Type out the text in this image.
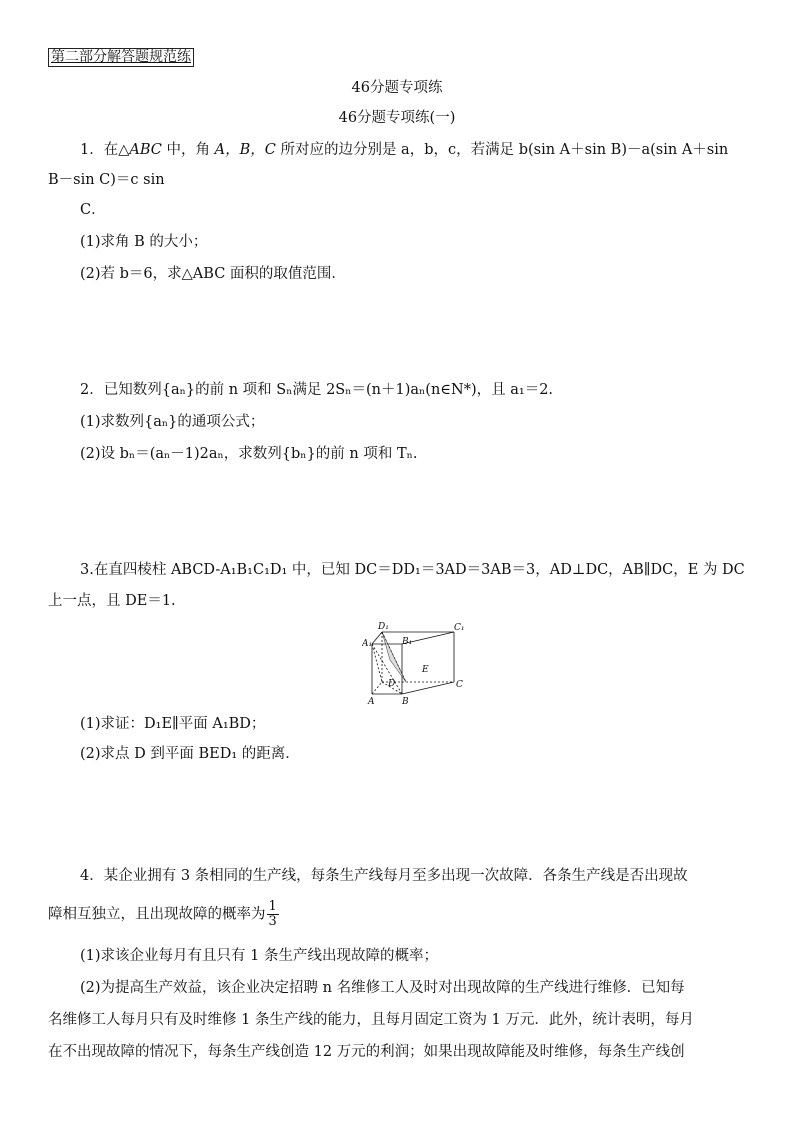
第二部分解答题规范练
46分题专项练
46分题专项练(一)
1．在△ABC 中，角 A，B，C 所对应的边分别是 a，b，c，若满足 b(sin A＋sin B)－a(sin A＋sin
B－sin C)＝c sin
C．
(1)求角 B 的大小；
(2)若 b＝6，求△ABC 面积的取值范围．
2．已知数列{aₙ}的前 n 项和 Sₙ满足 2Sₙ＝(n＋1)aₙ(n∈N*)，且 a₁＝2.
(1)求数列{aₙ}的通项公式；
(2)设 bₙ＝(aₙ－1)2aₙ，求数列{bₙ}的前 n 项和 Tₙ.
3.在直四棱柱 ABCD-A₁B₁C₁D₁ 中，已知 DC＝DD₁＝3AD＝3AB＝3，AD⊥DC，AB∥DC，E 为 DC
上一点，且 DE＝1.
D₁	C₁
A₁	B₁
E
D
A	B
C
(1)求证：D₁E∥平面 A₁BD；
(2)求点 D 到平面 BED₁ 的距离．
4．某企业拥有 3 条相同的生产线，每条生产线每月至多出现一次故障．各条生产线是否出现故
障相互独立，且出现故障的概率为 $\frac{1}{3}$
(1)求该企业每月有且只有 1 条生产线出现故障的概率；
(2)为提高生产效益，该企业决定招聘 n 名维修工人及时对出现故障的生产线进行维修．已知每
名维修工人每月只有及时维修 1 条生产线的能力，且每月固定工资为 1 万元．此外，统计表明，每月
在不出现故障的情况下，每条生产线创造 12 万元的利润；如果出现故障能及时维修，每条生产线创
